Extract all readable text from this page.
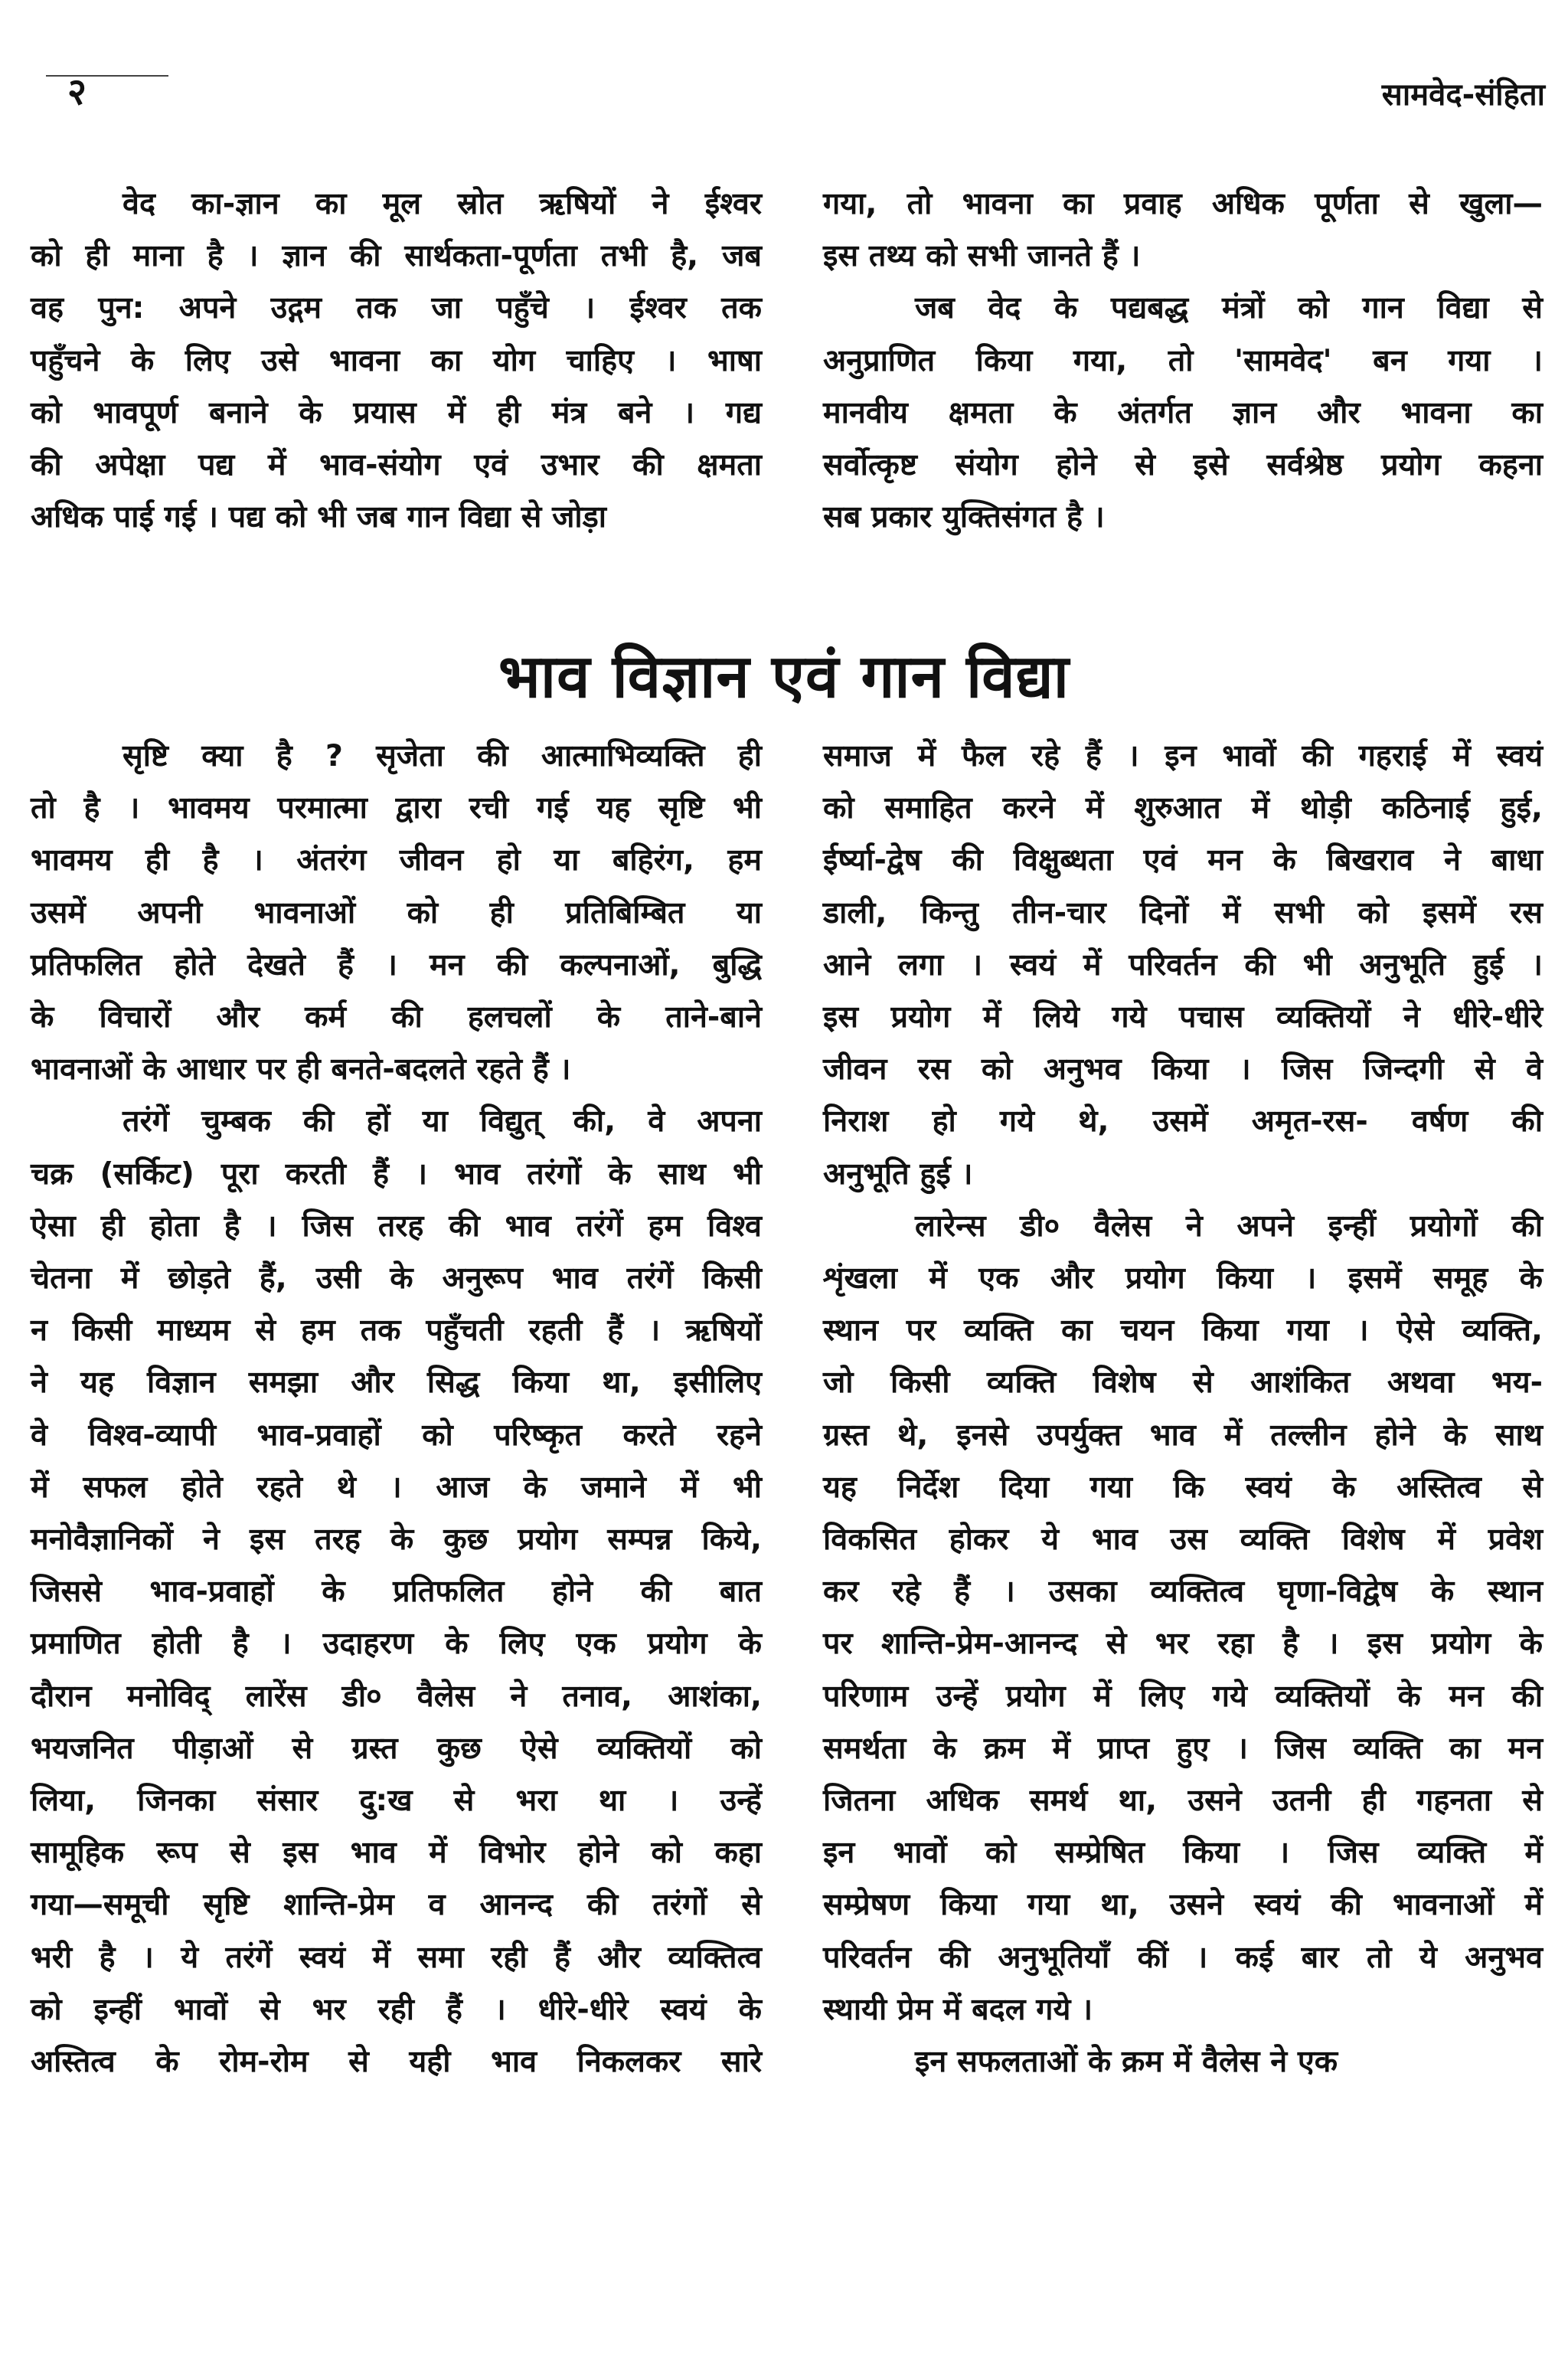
२	सामवेद-संहिता

वेद का-ज्ञान का मूल स्रोत ऋषियों ने ईश्वर
को ही माना है । ज्ञान की सार्थकता-पूर्णता तभी है, जब
वह पुन: अपने उद्गम तक जा पहुँचे । ईश्वर तक
पहुँचने के लिए उसे भावना का योग चाहिए । भाषा
को भावपूर्ण बनाने के प्रयास में ही मंत्र बने । गद्य
की अपेक्षा पद्य में भाव-संयोग एवं उभार की क्षमता
अधिक पाई गई । पद्य को भी जब गान विद्या से जोड़ा

गया, तो भावना का प्रवाह अधिक पूर्णता से खुला—
इस तथ्य को सभी जानते हैं ।

जब वेद के पद्यबद्ध मंत्रों को गान विद्या से
अनुप्राणित किया गया, तो 'सामवेद' बन गया ।
मानवीय क्षमता के अंतर्गत ज्ञान और भावना का
सर्वोत्कृष्ट संयोग होने से इसे सर्वश्रेष्ठ प्रयोग कहना
सब प्रकार युक्तिसंगत है ।

भाव विज्ञान एवं गान विद्या

सृष्टि क्या है ? सृजेता की आत्माभिव्यक्ति ही
तो है । भावमय परमात्मा द्वारा रची गई यह सृष्टि भी
भावमय ही है । अंतरंग जीवन हो या बहिरंग, हम
उसमें अपनी भावनाओं को ही प्रतिबिम्बित या
प्रतिफलित होते देखते हैं । मन की कल्पनाओं, बुद्धि
के विचारों और कर्म की हलचलों के ताने-बाने
भावनाओं के आधार पर ही बनते-बदलते रहते हैं ।

तरंगें चुम्बक की हों या विद्युत् की, वे अपना
चक्र (सर्किट) पूरा करती हैं । भाव तरंगों के साथ भी
ऐसा ही होता है । जिस तरह की भाव तरंगें हम विश्व
चेतना में छोड़ते हैं, उसी के अनुरूप भाव तरंगें किसी
न किसी माध्यम से हम तक पहुँचती रहती हैं । ऋषियों
ने यह विज्ञान समझा और सिद्ध किया था, इसीलिए
वे विश्व-व्यापी भाव-प्रवाहों को परिष्कृत करते रहने
में सफल होते रहते थे । आज के जमाने में भी
मनोवैज्ञानिकों ने इस तरह के कुछ प्रयोग सम्पन्न किये,
जिससे भाव-प्रवाहों के प्रतिफलित होने की बात
प्रमाणित होती है । उदाहरण के लिए एक प्रयोग के
दौरान मनोविद् लारेंस डी० वैलेस ने तनाव, आशंका,
भयजनित पीड़ाओं से ग्रस्त कुछ ऐसे व्यक्तियों को
लिया, जिनका संसार दु:ख से भरा था । उन्हें
सामूहिक रूप से इस भाव में विभोर होने को कहा
गया—समूची सृष्टि शान्ति-प्रेम व आनन्द की तरंगों से
भरी है । ये तरंगें स्वयं में समा रही हैं और व्यक्तित्व
को इन्हीं भावों से भर रही हैं । धीरे-धीरे स्वयं के
अस्तित्व के रोम-रोम से यही भाव निकलकर सारे

समाज में फैल रहे हैं । इन भावों की गहराई में स्वयं
को समाहित करने में शुरुआत में थोड़ी कठिनाई हुई,
ईर्ष्या-द्वेष की विक्षुब्धता एवं मन के बिखराव ने बाधा
डाली, किन्तु तीन-चार दिनों में सभी को इसमें रस
आने लगा । स्वयं में परिवर्तन की भी अनुभूति हुई ।
इस प्रयोग में लिये गये पचास व्यक्तियों ने धीरे-धीरे
जीवन रस को अनुभव किया । जिस जिन्दगी से वे
निराश हो गये थे, उसमें अमृत-रस- वर्षण की
अनुभूति हुई ।

लारेन्स डी० वैलेस ने अपने इन्हीं प्रयोगों की
शृंखला में एक और प्रयोग किया । इसमें समूह के
स्थान पर व्यक्ति का चयन किया गया । ऐसे व्यक्ति,
जो किसी व्यक्ति विशेष से आशंकित अथवा भय-
ग्रस्त थे, इनसे उपर्युक्त भाव में तल्लीन होने के साथ
यह निर्देश दिया गया कि स्वयं के अस्तित्व से
विकसित होकर ये भाव उस व्यक्ति विशेष में प्रवेश
कर रहे हैं । उसका व्यक्तित्व घृणा-विद्वेष के स्थान
पर शान्ति-प्रेम-आनन्द से भर रहा है । इस प्रयोग के
परिणाम उन्हें प्रयोग में लिए गये व्यक्तियों के मन की
समर्थता के क्रम में प्राप्त हुए । जिस व्यक्ति का मन
जितना अधिक समर्थ था, उसने उतनी ही गहनता से
इन भावों को सम्प्रेषित किया । जिस व्यक्ति में
सम्प्रेषण किया गया था, उसने स्वयं की भावनाओं में
परिवर्तन की अनुभूतियाँ कीं । कई बार तो ये अनुभव
स्थायी प्रेम में बदल गये ।

इन सफलताओं के क्रम में वैलेस ने एक
